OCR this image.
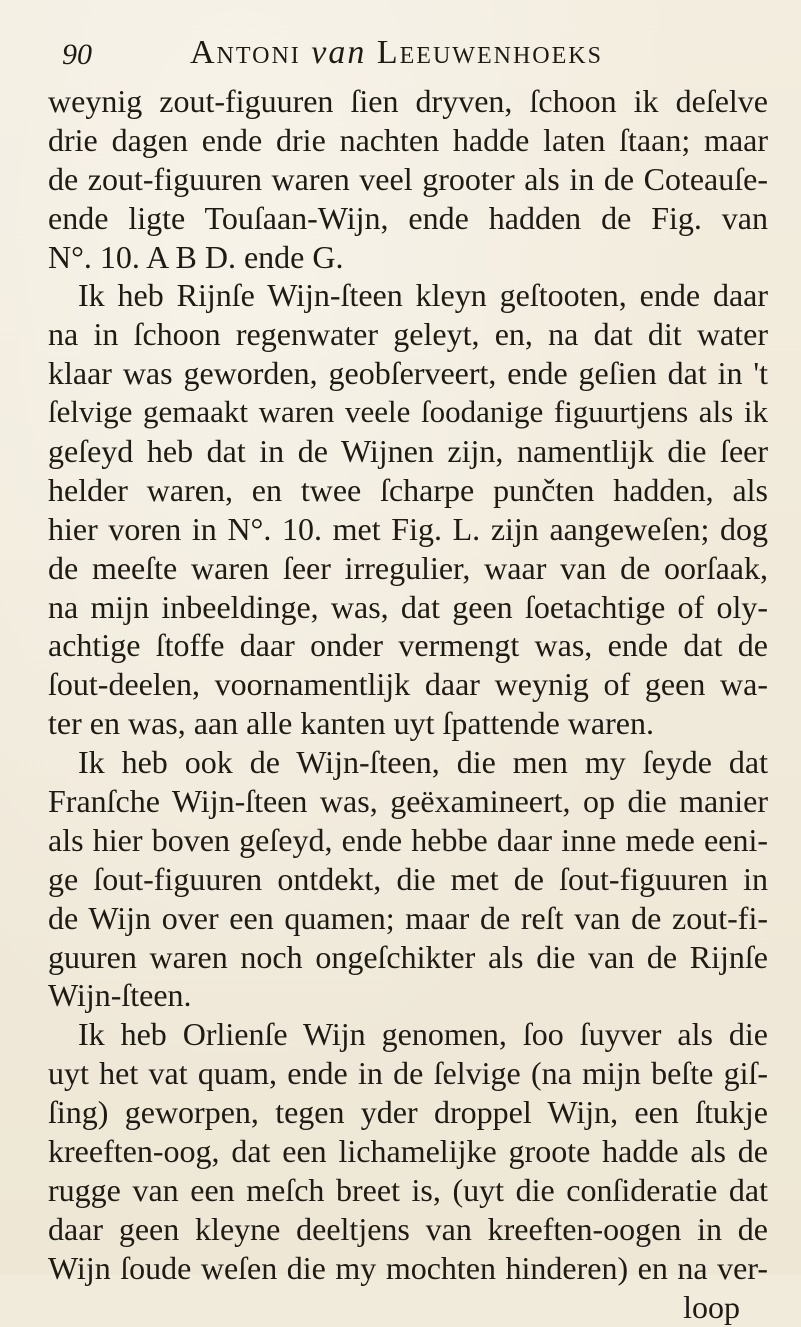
90	Antoni van Leeuwenhoeks
weynig zout-figuuren ſien dryven, ſchoon ik deſelve
drie dagen ende drie nachten hadde laten ſtaan; maar
de zout-figuuren waren veel grooter als in de Coteauſe-
ende ligte Touſaan-Wijn, ende hadden de Fig. van
N°. 10. A B D. ende G.
Ik heb Rijnſe Wijn-ſteen kleyn geſtooten, ende daar
na in ſchoon regenwater geleyt, en, na dat dit water
klaar was geworden, geobſerveert, ende geſien dat in 't
ſelvige gemaakt waren veele ſoodanige figuurtjens als ik
geſeyd heb dat in de Wijnen zijn, namentlijk die ſeer
helder waren, en twee ſcharpe punčten hadden, als
hier voren in N°. 10. met Fig. L. zijn aangeweſen; dog
de meeſte waren ſeer irregulier, waar van de oorſaak,
na mijn inbeeldinge, was, dat geen ſoetachtige of oly-
achtige ſtoffe daar onder vermengt was, ende dat de
ſout-deelen, voornamentlijk daar weynig of geen wa-
ter en was, aan alle kanten uyt ſpattende waren.
Ik heb ook de Wijn-ſteen, die men my ſeyde dat
Franſche Wijn-ſteen was, geëxamineert, op die manier
als hier boven geſeyd, ende hebbe daar inne mede eeni-
ge ſout-figuuren ontdekt, die met de ſout-figuuren in
de Wijn over een quamen; maar de reſt van de zout-fi-
guuren waren noch ongeſchikter als die van de Rijnſe
Wijn-ſteen.
Ik heb Orlienſe Wijn genomen, ſoo ſuyver als die
uyt het vat quam, ende in de ſelvige (na mijn beſte giſ-
ſing) geworpen, tegen yder droppel Wijn, een ſtukje
kreeften-oog, dat een lichamelijke groote hadde als de
rugge van een meſch breet is, (uyt die conſideratie dat
daar geen kleyne deeltjens van kreeften-oogen in de
Wijn ſoude weſen die my mochten hinderen) en na ver-
loop
